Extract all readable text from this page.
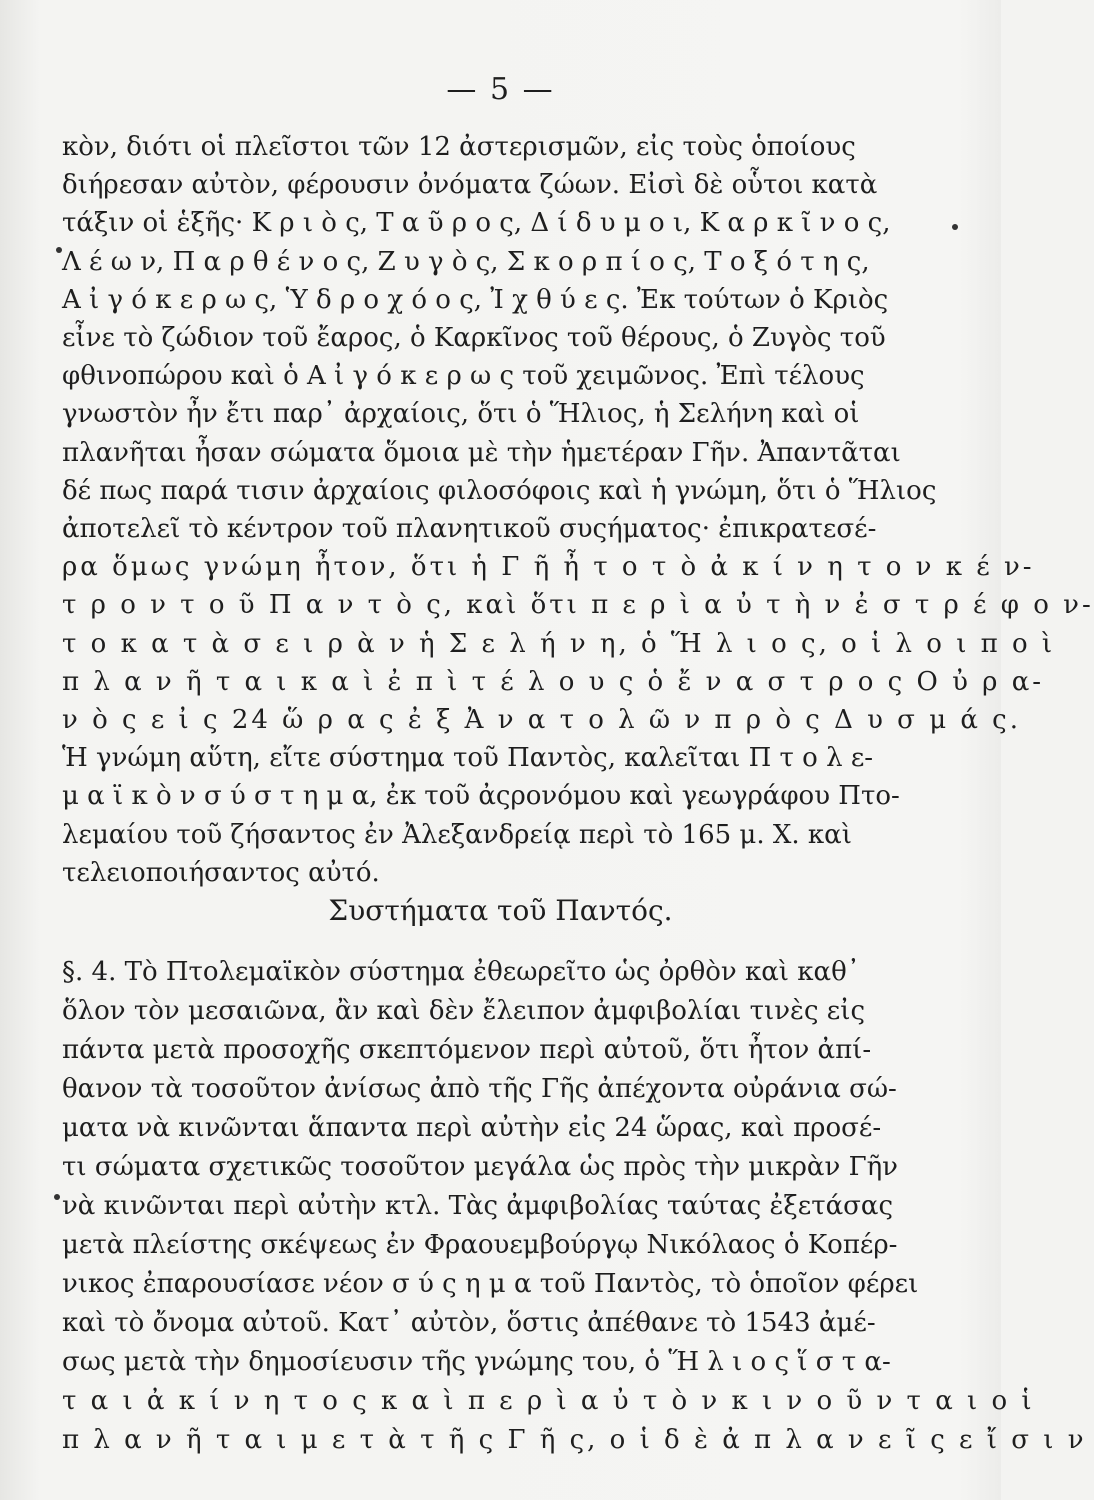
— 5 —
κὸν, διότι οἱ πλεῖστοι τῶν 12 ἀστερισμῶν, εἰς τοὺς ὁποίους
διήρεσαν αὐτὸν, φέρουσιν ὀνόματα ζώων. Εἰσὶ δὲ οὗτοι κατὰ
τάξιν οἱ ἑξῆς· Κ ρ ι ὸ ς, Τ α ῦ ρ ο ς, Δ ί δ υ μ ο ι, Κ α ρ κ ῖ ν ο ς,
Λ έ ω ν, Π α ρ θ έ ν ο ς, Ζ υ γ ὸ ς, Σ κ ο ρ π ί ο ς, Τ ο ξ ό τ η ς,
Α ἰ γ ό κ ε ρ ω ς, Ὑ δ ρ ο χ ό ο ς, Ἰ χ θ ύ ε ς. Ἐκ τούτων ὁ Κριὸς
εἶνε τὸ ζώδιον τοῦ ἔαρος, ὁ Καρκῖνος τοῦ θέρους, ὁ Ζυγὸς τοῦ
φθινοπώρου καὶ ὁ Α ἰ γ ό κ ε ρ ω ς τοῦ χειμῶνος. Ἐπὶ τέλους
γνωστὸν ἦν ἔτι παρ᾽ ἀρχαίοις, ὅτι ὁ Ἥλιος, ἡ Σελήνη καὶ οἱ
πλανῆται ἦσαν σώματα ὅμοια μὲ τὴν ἡμετέραν Γῆν. Ἀπαντᾶται
δέ πως παρά τισιν ἀρχαίοις φιλοσόφοις καὶ ἡ γνώμη, ὅτι ὁ Ἥλιος
ἀποτελεῖ τὸ κέντρον τοῦ πλανητικοῦ συςήματος· ἐπικρατεσέ-
ρα ὅμως γνώμη ἦτον, ὅτι ἡ Γ ῆ ἦ τ ο τ ὸ ἀ κ ί ν η τ ο ν κ έ ν-
τ ρ ο ν τ ο ῦ Π α ν τ ὸ ς, καὶ ὅτι π ε ρ ὶ α ὐ τ ὴ ν ἐ σ τ ρ έ φ ο ν-
τ ο κ α τ ὰ σ ε ι ρ ὰ ν ἡ Σ ε λ ή ν η, ὁ Ἥ λ ι ο ς, ο ἱ λ ο ι π ο ὶ
π λ α ν ῆ τ α ι κ α ὶ ἐ π ὶ τ έ λ ο υ ς ὁ ἔ ν α σ τ ρ ο ς Ο ὐ ρ α-
ν ὸ ς ε ἰ ς 24 ὥ ρ α ς ἐ ξ Ἀ ν α τ ο λ ῶ ν π ρ ὸ ς Δ υ σ μ ά ς.
Ἡ γνώμη αὕτη, εἴτε σύστημα τοῦ Παντὸς, καλεῖται Π τ ο λ ε-
μ α ϊ κ ὸ ν σ ύ σ τ η μ α, ἐκ τοῦ ἀςρονόμου καὶ γεωγράφου Πτο-
λεμαίου τοῦ ζήσαντος ἐν Ἀλεξανδρείᾳ περὶ τὸ 165 μ. Χ. καὶ
τελειοποιήσαντος αὐτό.
Συστήματα τοῦ Παντός.
§. 4. Τὸ Πτολεμαϊκὸν σύστημα ἐθεωρεῖτο ὡς ὀρθὸν καὶ καθ᾽
ὅλον τὸν μεσαιῶνα, ἂν καὶ δὲν ἔλειπον ἀμφιβολίαι τινὲς εἰς
πάντα μετὰ προσοχῆς σκεπτόμενον περὶ αὐτοῦ, ὅτι ἦτον ἀπί-
θανον τὰ τοσοῦτον ἀνίσως ἀπὸ τῆς Γῆς ἀπέχοντα οὐράνια σώ-
ματα νὰ κινῶνται ἅπαντα περὶ αὐτὴν εἰς 24 ὥρας, καὶ προσέ-
τι σώματα σχετικῶς τοσοῦτον μεγάλα ὡς πρὸς τὴν μικρὰν Γῆν
νὰ κινῶνται περὶ αὐτὴν κτλ. Τὰς ἀμφιβολίας ταύτας ἐξετάσας
μετὰ πλείστης σκέψεως ἐν Φραουεμβούργῳ Νικόλαος ὁ Κοπέρ-
νικος ἐπαρουσίασε νέον σ ύ ς η μ α τοῦ Παντὸς, τὸ ὁποῖον φέρει
καὶ τὸ ὄνομα αὐτοῦ. Κατ᾽ αὐτὸν, ὅστις ἀπέθανε τὸ 1543 ἀμέ-
σως μετὰ τὴν δημοσίευσιν τῆς γνώμης του, ὁ Ἥ λ ι ο ς ἵ σ τ α-
τ α ι ἀ κ ί ν η τ ο ς κ α ὶ π ε ρ ὶ α ὐ τ ὸ ν κ ι ν ο ῦ ν τ α ι ο ἱ
π λ α ν ῆ τ α ι μ ε τ ὰ τ ῆ ς Γ ῆ ς, ο ἱ δ ὲ ἀ π λ α ν ε ῖ ς ε ἴ σ ι ν
